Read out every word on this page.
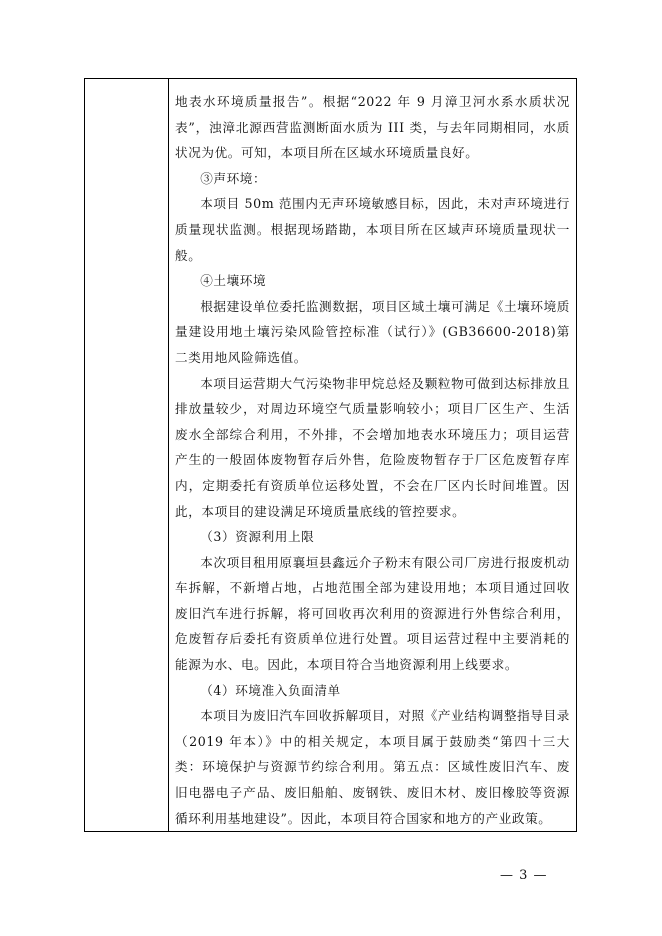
地表水环境质量报告”。根据“2022 年 9 月漳卫河水系水质状况表”，浊漳北源西营监测断面水质为 III 类，与去年同期相同，水质状况为优。可知，本项目所在区域水环境质量良好。

③声环境：

本项目 50m 范围内无声环境敏感目标，因此，未对声环境进行质量现状监测。根据现场踏勘，本项目所在区域声环境质量现状一般。

④土壤环境

根据建设单位委托监测数据，项目区域土壤可满足《土壤环境质量建设用地土壤污染风险管控标准（试行）》(GB36600-2018)第二类用地风险筛选值。

本项目运营期大气污染物非甲烷总烃及颗粒物可做到达标排放且排放量较少，对周边环境空气质量影响较小；项目厂区生产、生活废水全部综合利用，不外排，不会增加地表水环境压力；项目运营产生的一般固体废物暂存后外售，危险废物暂存于厂区危废暂存库内，定期委托有资质单位运移处置，不会在厂区内长时间堆置。因此，本项目的建设满足环境质量底线的管控要求。

（3）资源利用上限

本次项目租用原襄垣县鑫远介子粉末有限公司厂房进行报废机动车拆解，不新增占地，占地范围全部为建设用地；本项目通过回收废旧汽车进行拆解，将可回收再次利用的资源进行外售综合利用，危废暂存后委托有资质单位进行处置。项目运营过程中主要消耗的能源为水、电。因此，本项目符合当地资源利用上线要求。

（4）环境准入负面清单

本项目为废旧汽车回收拆解项目，对照《产业结构调整指导目录（2019 年本）》中的相关规定，本项目属于鼓励类“第四十三大类：环境保护与资源节约综合利用。第五点：区域性废旧汽车、废旧电器电子产品、废旧船舶、废钢铁、废旧木材、废旧橡胶等资源循环利用基地建设”。因此，本项目符合国家和地方的产业政策。

— 3 —
